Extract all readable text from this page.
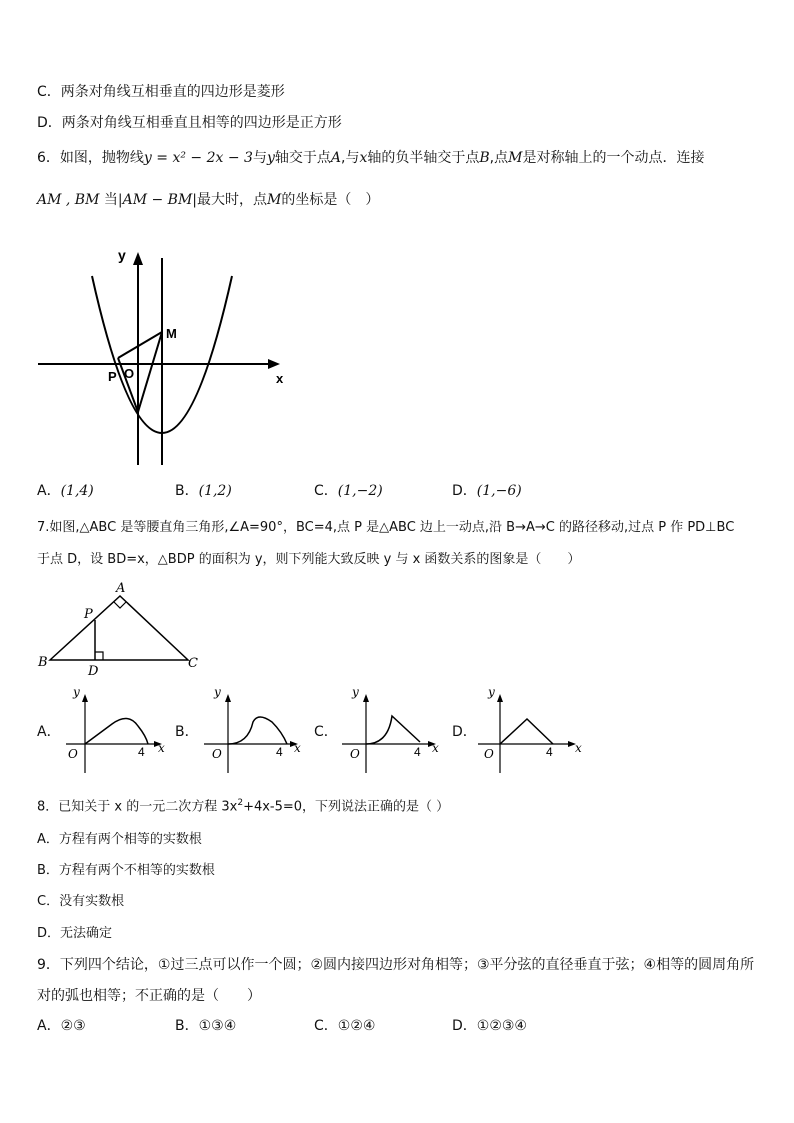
C．两条对角线互相垂直的四边形是菱形
D．两条对角线互相垂直且相等的四边形是正方形
6．如图，抛物线y = x² − 2x − 3与y轴交于点A,与x轴的负半轴交于点B,点M是对称轴上的一个动点．连接
AM , BM 当|AM − BM|最大时，点M的坐标是（　）
y
x
M
P O
A．(1,4)	B．(1,2)	C．(1,−2)	D．(1,−6)
7.如图,△ABC 是等腰直角三角形,∠A=90°，BC=4,点 P 是△ABC 边上一动点,沿 B→A→C 的路径移动,过点 P 作 PD⊥BC
于点 D，设 BD=x，△BDP 的面积为 y，则下列能大致反映 y 与 x 函数关系的图象是（　　）
A
P
B
D
C
A．
y
x
O	4
B．
y
x
O	4
C．
y
x
O	4
D．
y
x
O	4
8．已知关于 x 的一元二次方程 $3x^2+4x-5=0$，下列说法正确的是（ ）
A．方程有两个相等的实数根
B．方程有两个不相等的实数根
C．没有实数根
D．无法确定
9．下列四个结论，①过三点可以作一个圆；②圆内接四边形对角相等；③平分弦的直径垂直于弦；④相等的圆周角所
对的弧也相等；不正确的是（　　）
A．②③	B．①③④	C．①②④	D．①②③④
